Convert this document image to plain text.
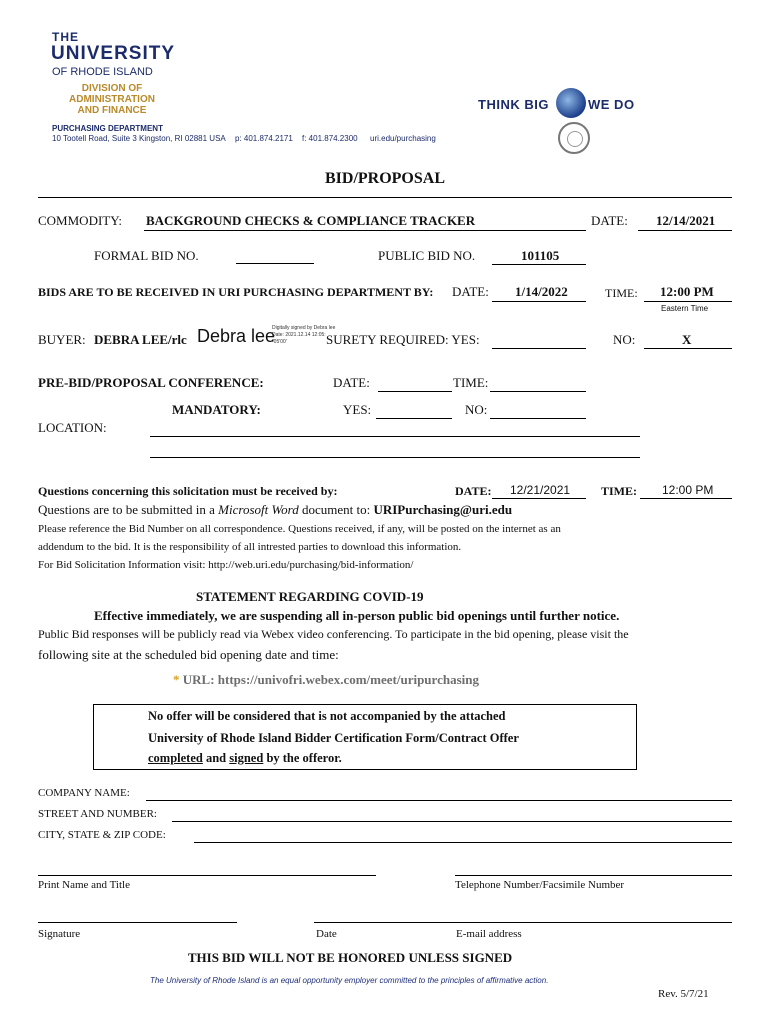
THE
UNIVERSITY
OF RHODE ISLAND
DIVISION OF
ADMINISTRATION
AND FINANCE
PURCHASING DEPARTMENT
10 Tootell Road, Suite 3 Kingston, RI 02881 USA p: 401.874.2171 f: 401.874.2300 uri.edu/purchasing
THINK BIG	WE DO
BID/PROPOSAL
COMMODITY: BACKGROUND CHECKS & COMPLIANCE TRACKER	DATE: 12/14/2021
FORMAL BID NO.	PUBLIC BID NO.	101105
BIDS ARE TO BE RECEIVED IN URI PURCHASING DEPARTMENT BY: DATE: 1/14/2022	TIME: 12:00 PM
Eastern Time
BUYER: DEBRA LEE/rlc Debra lee
Digitally signed by Debra lee
Date: 2021.12.14 12:05:
-05'00'	SURETY REQUIRED: YES:	NO:	X
PRE-BID/PROPOSAL CONFERENCE:	DATE:	TIME:
MANDATORY:	YES:	NO:
LOCATION:
Questions concerning this solicitation must be received by:	DATE: 12/21/2021	TIME: 12:00 PM
Questions are to be submitted in a Microsoft Word document to: URIPurchasing@uri.edu
Please reference the Bid Number on all correspondence. Questions received, if any, will be posted on the internet as an
addendum to the bid. It is the responsibility of all intrested parties to download this information.
For Bid Solicitation Information visit: http://web.uri.edu/purchasing/bid-information/
STATEMENT REGARDING COVID-19
Effective immediately, we are suspending all in-person public bid openings until further notice.
Public Bid responses will be publicly read via Webex video conferencing. To participate in the bid opening, please visit the
following site at the scheduled bid opening date and time:
* URL: https://univofri.webex.com/meet/uripurchasing
No offer will be considered that is not accompanied by the attached
University of Rhode Island Bidder Certification Form/Contract Offer
completed and signed by the offeror.
COMPANY NAME:
STREET AND NUMBER:
CITY, STATE & ZIP CODE:
Print Name and Title	Telephone Number/Facsimile Number
Signature	Date	E-mail address
THIS BID WILL NOT BE HONORED UNLESS SIGNED
The University of Rhode Island is an equal opportunity employer committed to the principles of affirmative action.
Rev. 5/7/21
